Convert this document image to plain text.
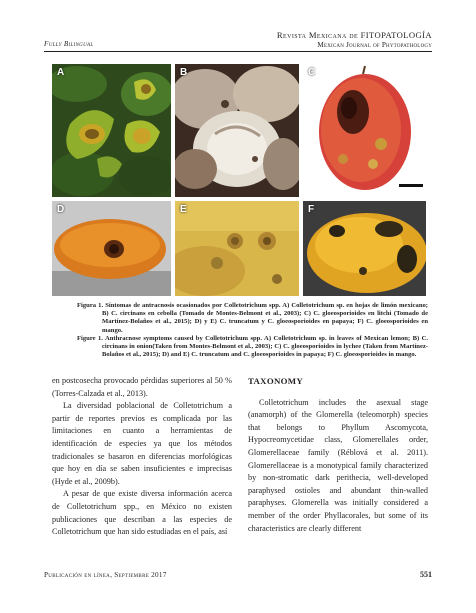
Fully Bilingual
Revista Mexicana de FITOPATOLOGÍA
Mexican Journal of Phytopathology
A	B	C
D	E	F

Figura 1. Síntomas de antracnosis ocasionados por Colletotrichum spp. A) Colletotrichum sp. en hojas de limón mexicano; B) C. circinans en cebolla (Tomado de Montes-Belmont et al., 2003); C) C. gloeosporioides en litchi (Tomado de Martínez-Bolaños et al., 2015); D) y E) C. truncatum y C. gloeosporioides en papaya; F) C. gloeosporioides en mango.

Figure 1. Anthracnose symptoms caused by Colletotrichum spp. A) Colletotrichum sp. in leaves of Mexican lemon; B) C. circinans in onion(Taken from Montes-Belmont et al., 2003); C) C. gloeosporioides in lychee (Taken from Martínez-Bolaños et al., 2015); D) and E) C. truncatum and C. gloeosporioides in papaya; F) C. gloeosporioides in mango.

en postcosecha provocado pérdidas superiores al 50 % (Torres-Calzada et al., 2013).

La diversidad poblacional de Colletotrichum a partir de reportes previos es complicada por las limitaciones en cuanto a herramientas de identificación de especies ya que los métodos tradicionales se basaron en diferencias morfológicas que hoy en día se saben insuficientes e imprecisas (Hyde et al., 2009b).

A pesar de que existe diversa información acerca de Colletotrichum spp., en México no existen publicaciones que describan a las especies de Colletotrichum que han sido estudiadas en el país, así

TAXONOMY

Colletotrichum includes the asexual stage (anamorph) of the Glomerella (teleomorph) species that belongs to Phyllum Ascomycota, Hypocreomycetidae class, Glomerellales order, Glomerellaceae family (Réblová et al. 2011). Glomerellaceae is a monotypical family characterized by non-stromatic dark perithecia, well-developed paraphysed ostioles and abundant thin-walled paraphyses. Glomerella was initially considered a member of the order Phyllacorales, but some of its characteristics are clearly different

Publicación en línea, Septiembre 2017	551
